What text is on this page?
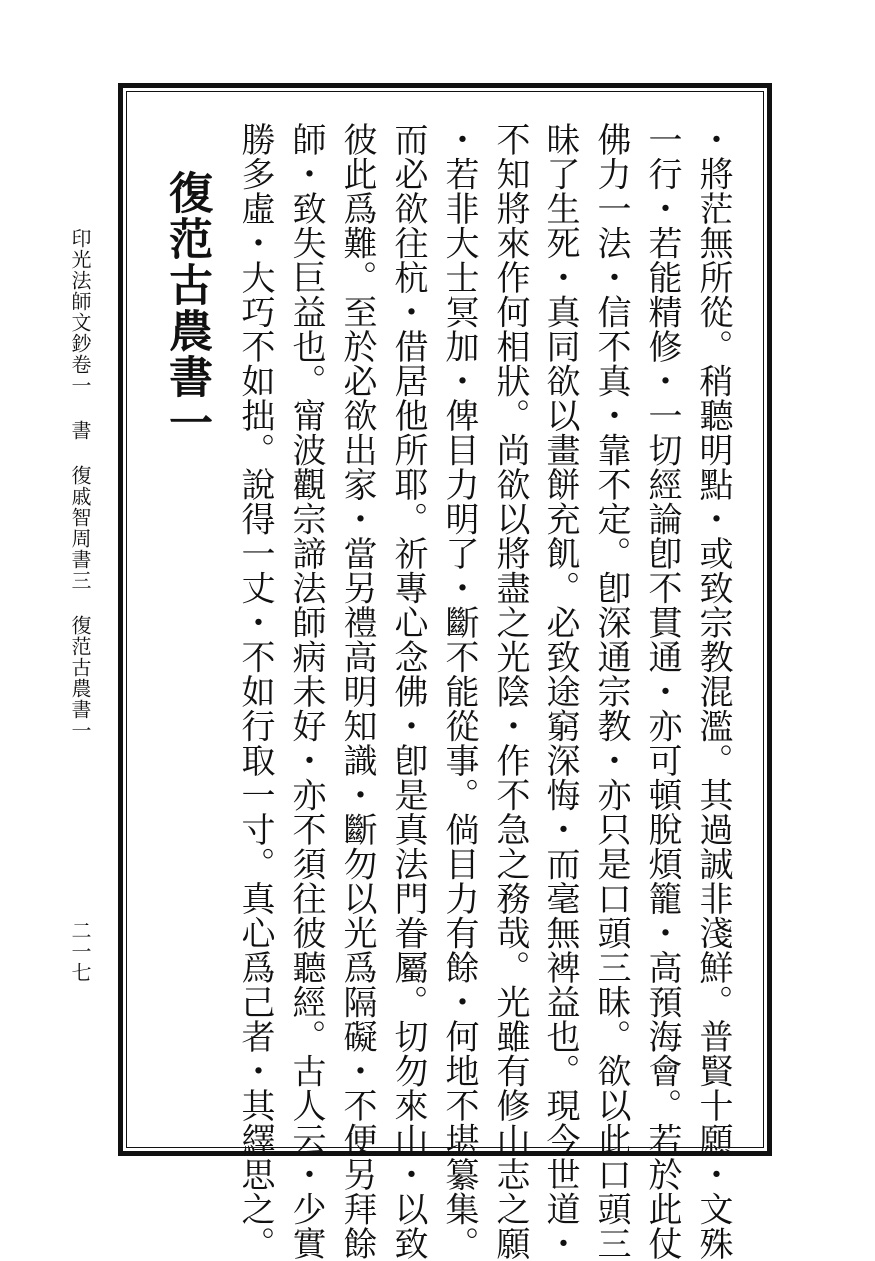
印光法師文鈔卷一書復戚智周書三復范古農書一
二一七
復范古農書一	・將茫無所從。稍聽明點・或致宗教混濫。其過誠非淺鮮。普賢十願・文殊
一行・若能精修・一切經論卽不貫通・亦可頓脫煩籠・高預海會。若於此仗
佛力一法・信不真・靠不定。卽深通宗教・亦只是口頭三昧。欲以此口頭三
昧了生死・真同欲以畫餅充飢。必致途窮深悔・而毫無裨益也。現今世道・
不知將來作何相狀。尚欲以將盡之光陰・作不急之務哉。光雖有修山志之願
・若非大士冥加・俾目力明了・斷不能從事。倘目力有餘・何地不堪纂集。
而必欲往杭・借居他所耶。祈專心念佛・卽是真法門眷屬。切勿來山・以致
彼此爲難。至於必欲出家・當另禮高明知識・斷勿以光爲隔礙・不便另拜餘
師・致失巨益也。甯波觀宗諦法師病未好・亦不須往彼聽經。古人云・少實
勝多虛・大巧不如拙。說得一丈・不如行取一寸。真心爲己者・其繹思之。
